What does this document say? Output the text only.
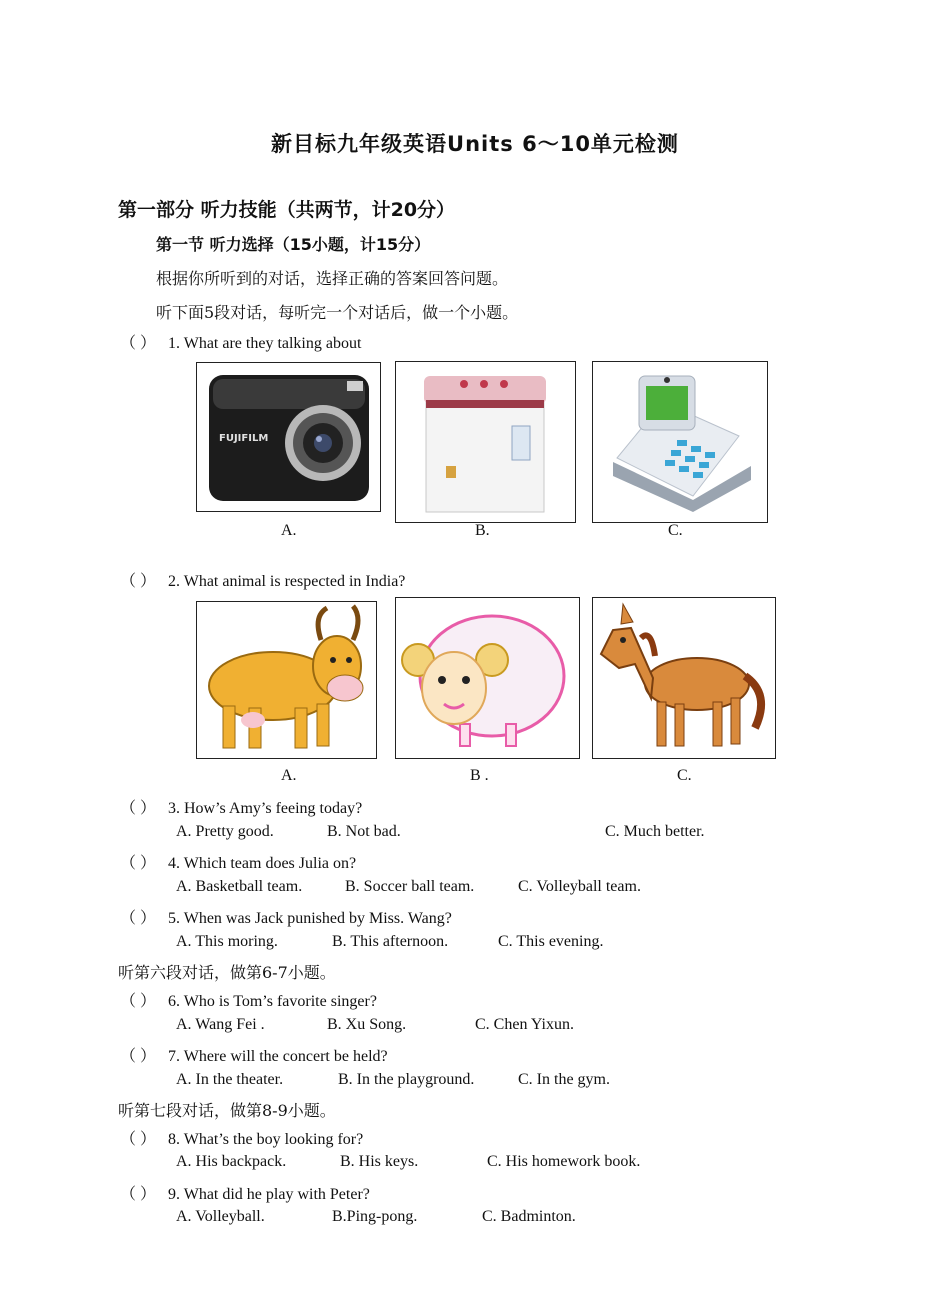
新目标九年级英语Units 6～10单元检测
第一部分 听力技能（共两节，计20分）
第一节 听力选择（15小题，计15分）
根据你所听到的对话，选择正确的答案回答问题。
听下面5段对话，每听完一个对话后，做一个小题。
（ ） 1. What are they talking about
FUJIFILM
A.	B.	C.
（ ） 2. What animal is respected in India?
A.	B .	C.
（ ） 3. How’s Amy’s feeing today?
A. Pretty good.	B. Not bad.	C. Much better.
（ ） 4. Which team does Julia on?
A. Basketball team.	B. Soccer ball team.	C. Volleyball team.
（ ） 5. When was Jack punished by Miss. Wang?
A. This moring.	B. This afternoon.	C. This evening.
听第六段对话，做第6-7小题。
（ ） 6. Who is Tom’s favorite singer?
A. Wang Fei .	B. Xu Song.	C. Chen Yixun.
（ ） 7. Where will the concert be held?
A. In the theater.	B. In the playground.	C. In the gym.
听第七段对话，做第8-9小题。
（ ） 8. What’s the boy looking for?
A. His backpack.	B. His keys.	C. His homework book.
（ ） 9. What did he play with Peter?
A. Volleyball.	B.Ping-pong.	C. Badminton.
